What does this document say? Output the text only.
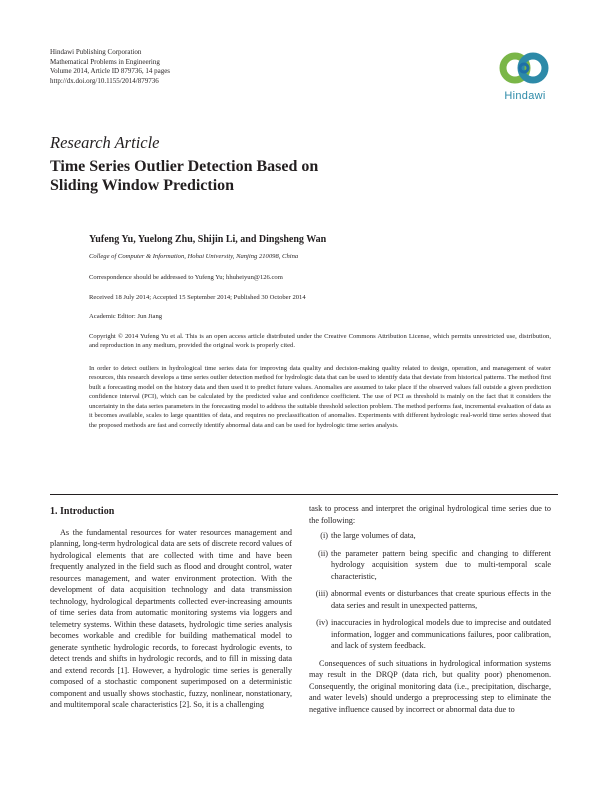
Hindawi Publishing Corporation
Mathematical Problems in Engineering
Volume 2014, Article ID 879736, 14 pages
http://dx.doi.org/10.1155/2014/879736
Hindawi
Research Article
Time Series Outlier Detection Based on
Sliding Window Prediction
Yufeng Yu, Yuelong Zhu, Shijin Li, and Dingsheng Wan
College of Computer & Information, Hohai University, Nanjing 210098, China
Correspondence should be addressed to Yufeng Yu; hhuheiyun@126.com
Received 18 July 2014; Accepted 15 September 2014; Published 30 October 2014
Academic Editor: Jun Jiang
Copyright © 2014 Yufeng Yu et al. This is an open access article distributed under the Creative Commons Attribution License, which permits unrestricted use, distribution, and reproduction in any medium, provided the original work is properly cited.
In order to detect outliers in hydrological time series data for improving data quality and decision-making quality related to design, operation, and management of water resources, this research develops a time series outlier detection method for hydrologic data that can be used to identify data that deviate from historical patterns. The method first built a forecasting model on the history data and then used it to predict future values. Anomalies are assumed to take place if the observed values fall outside a given prediction confidence interval (PCI), which can be calculated by the predicted value and confidence coefficient. The use of PCI as threshold is mainly on the fact that it considers the uncertainty in the data series parameters in the forecasting model to address the suitable threshold selection problem. The method performs fast, incremental evaluation of data as it becomes available, scales to large quantities of data, and requires no preclassification of anomalies. Experiments with different hydrologic real-world time series showed that the proposed methods are fast and correctly identify abnormal data and can be used for hydrologic time series analysis.
1. Introduction

As the fundamental resources for water resources management and planning, long-term hydrological data are sets of discrete record values of hydrological elements that are collected with time and have been frequently analyzed in the field such as flood and drought control, water resources management, and water environment protection. With the development of data acquisition technology and data transmission technology, hydrological departments collected ever-increasing amounts of time series data from automatic monitoring systems via loggers and telemetry systems. Within these datasets, hydrologic time series analysis becomes workable and credible for building mathematical model to generate synthetic hydrologic records, to forecast hydrologic events, to detect trends and shifts in hydrologic records, and to fill in missing data and extend records [1]. However, a hydrologic time series is generally composed of a stochastic component superimposed on a deterministic component and usually shows stochastic, fuzzy, nonlinear, nonstationary, and multitemporal scale characteristics [2]. So, it is a challenging

task to process and interpret the original hydrological time series due to the following:

(i) the large volumes of data,
(ii) the parameter pattern being specific and changing to different hydrology acquisition system due to multi-temporal scale characteristic,
(iii) abnormal events or disturbances that create spurious effects in the data series and result in unexpected patterns,
(iv) inaccuracies in hydrological models due to imprecise and outdated information, logger and communications failures, poor calibration, and lack of system feedback.

Consequences of such situations in hydrological information systems may result in the DRQP (data rich, but quality poor) phenomenon. Consequently, the original monitoring data (i.e., precipitation, discharge, and water levels) should undergo a preprocessing step to eliminate the negative influence caused by incorrect or abnormal data due to
